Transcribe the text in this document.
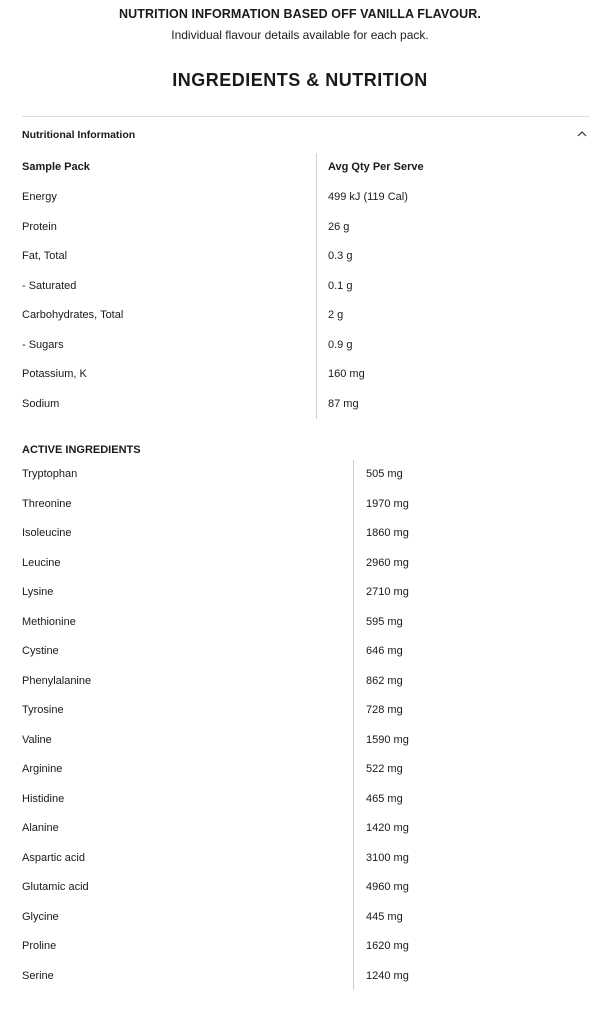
NUTRITION INFORMATION BASED OFF VANILLA FLAVOUR.
Individual flavour details available for each pack.
INGREDIENTS & NUTRITION
Nutritional Information
Sample Pack	Avg Qty Per Serve
Energy	499 kJ (119 Cal)
Protein	26 g
Fat, Total	0.3 g
- Saturated	0.1 g
Carbohydrates, Total	2 g
- Sugars	0.9 g
Potassium, K	160 mg
Sodium	87 mg
ACTIVE INGREDIENTS
Tryptophan	505 mg
Threonine	1970 mg
Isoleucine	1860 mg
Leucine	2960 mg
Lysine	2710 mg
Methionine	595 mg
Cystine	646 mg
Phenylalanine	862 mg
Tyrosine	728 mg
Valine	1590 mg
Arginine	522 mg
Histidine	465 mg
Alanine	1420 mg
Aspartic acid	3100 mg
Glutamic acid	4960 mg
Glycine	445 mg
Proline	1620 mg
Serine	1240 mg
